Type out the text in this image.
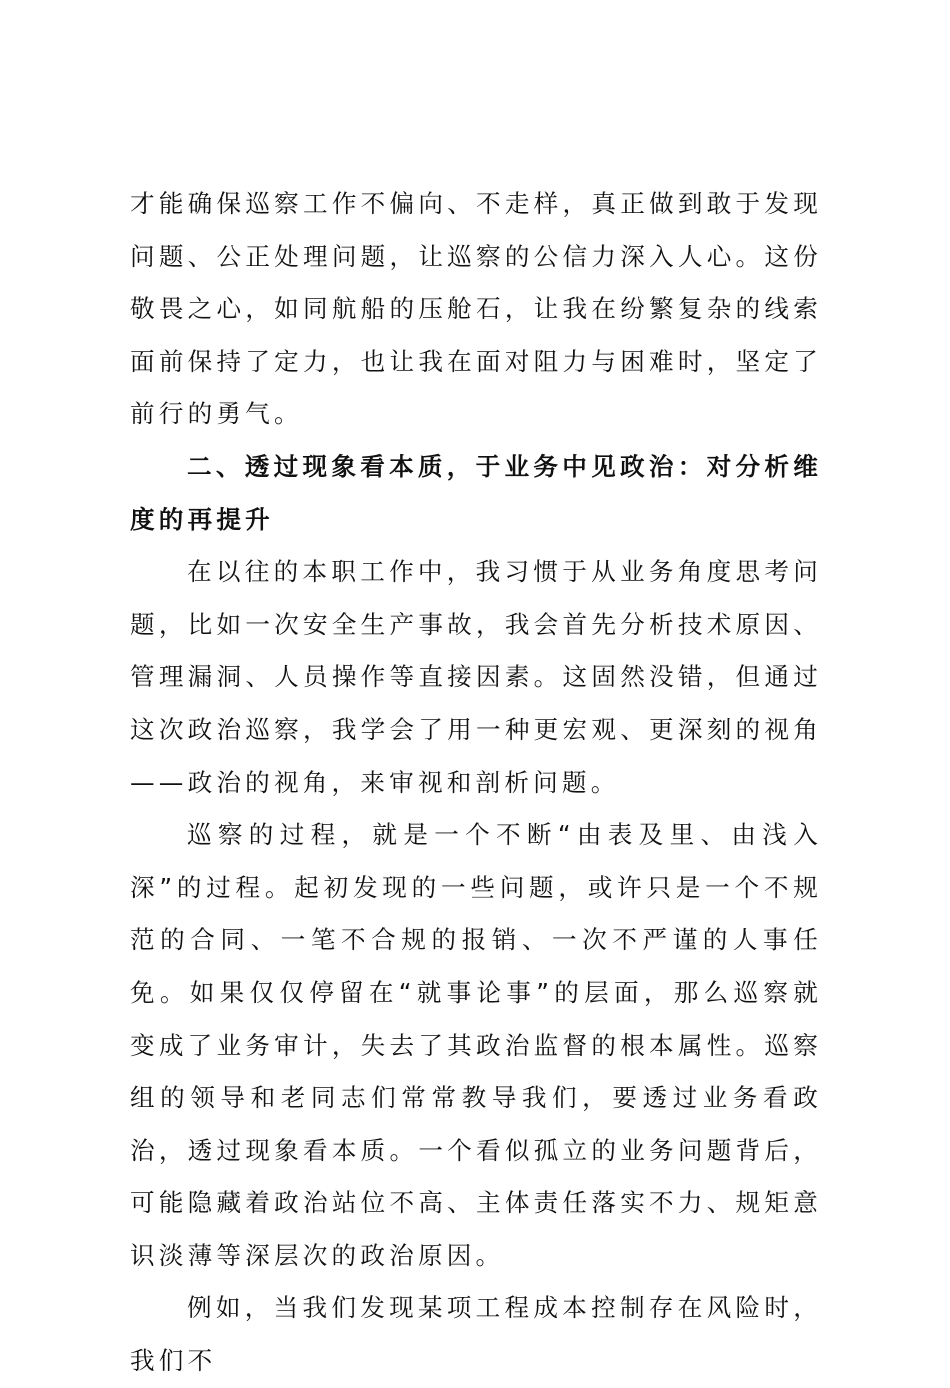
才能确保巡察工作不偏向、不走样，真正做到敢于发现问题、公正处理问题，让巡察的公信力深入人心。这份敬畏之心，如同航船的压舱石，让我在纷繁复杂的线索面前保持了定力，也让我在面对阻力与困难时，坚定了前行的勇气。

二、透过现象看本质，于业务中见政治：对分析维度的再提升

在以往的本职工作中，我习惯于从业务角度思考问题，比如一次安全生产事故，我会首先分析技术原因、管理漏洞、人员操作等直接因素。这固然没错，但通过这次政治巡察，我学会了用一种更宏观、更深刻的视角——政治的视角，来审视和剖析问题。

巡察的过程，就是一个不断“由表及里、由浅入深”的过程。起初发现的一些问题，或许只是一个不规范的合同、一笔不合规的报销、一次不严谨的人事任免。如果仅仅停留在“就事论事”的层面，那么巡察就变成了业务审计，失去了其政治监督的根本属性。巡察组的领导和老同志们常常教导我们，要透过业务看政治，透过现象看本质。一个看似孤立的业务问题背后，可能隐藏着政治站位不高、主体责任落实不力、规矩意识淡薄等深层次的政治原因。

例如，当我们发现某项工程成本控制存在风险时，我们不
